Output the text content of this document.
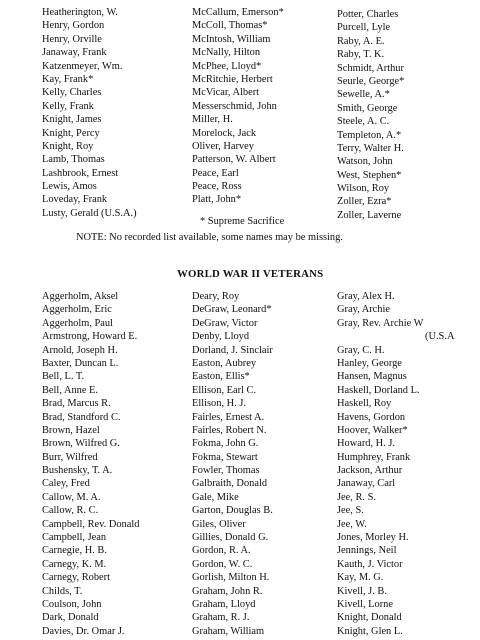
Heatherington, W.
Henry, Gordon
Henry, Orville
Janaway, Frank
Katzenmeyer, Wm.
Kay, Frank*
Kelly, Charles
Kelly, Frank
Knight, James
Knight, Percy
Knight, Roy
Lamb, Thomas
Lashbrook, Ernest
Lewis, Amos
Loveday, Frank
Lusty, Gerald (U.S.A.)
McCallum, Emerson*
McColl, Thomas*
McIntosh, William
McNally, Hilton
McPhee, Lloyd*
McRitchie, Herbert
McVicar, Albert
Messerschmid, John
Miller, H.
Morelock, Jack
Oliver, Harvey
Patterson, W. Albert
Peace, Earl
Peace, Ross
Platt, John*
Potter, Charles
Purcell, Lyle
Raby, A. E.
Raby, T. K.
Schmidt, Arthur
Seurle, George*
Sewelle, A.*
Smith, George
Steele, A. C.
Templeton, A.*
Terry, Walter H.
Watson, John
West, Stephen*
Wilson, Roy
Zoller, Ezra*
Zoller, Laverne
* Supreme Sacrifice
NOTE: No recorded list available, some names may be missing.
WORLD WAR II VETERANS
Aggerholm, Aksel
Aggerholm, Eric
Aggerholm, Paul
Armstrong, Howard E.
Arnold, Joseph H.
Baxter, Duncan L.
Bell, L. T.
Bell, Anne E.
Brad, Marcus R.
Brad, Standford C.
Brown, Hazel
Brown, Wilfred G.
Burr, Wilfred
Bushensky, T. A.
Caley, Fred
Callow, M. A.
Callow, R. C.
Campbell, Rev. Donald
Campbell, Jean
Carnegie, H. B.
Carnegy, K. M.
Carnegy, Robert
Childs, T.
Coulson, John
Dark, Donald
Davies, Dr. Omar J.
Deary, Roy
DeGraw, Leonard*
DeGraw, Victor
Denby, Lloyd
Dorland, J. Sinclair
Easton, Aubrey
Easton, Ellis*
Ellison, Earl C.
Ellison, H. J.
Fairles, Ernest A.
Fairles, Robert N.
Fokma, John G.
Fokma, Stewart
Fowler, Thomas
Galbraith, Donald
Gale, Mike
Garton, Douglas B.
Giles, Oliver
Gillies, Donald G.
Gordon, R. A.
Gordon, W. C.
Gorlish, Milton H.
Graham, John R.
Graham, Lloyd
Graham, R. J.
Graham, William
Gray, Alex H.
Gray, Archie
Gray, Rev. Archie W
(U.S.A
Gray, C. H.
Hanley, George
Hansen, Magnus
Haskell, Dorland L.
Haskell, Roy
Havens, Gordon
Hoover, Walker*
Howard, H. J.
Humphrey, Frank
Jackson, Arthur
Janaway, Carl
Jee, R. S.
Jee, S.
Jee, W.
Jones, Morley H.
Jennings, Neil
Kauth, J. Victor
Kay, M. G.
Kivell, J. B.
Kivell, Lorne
Knight, Donald
Knight, Glen L.
